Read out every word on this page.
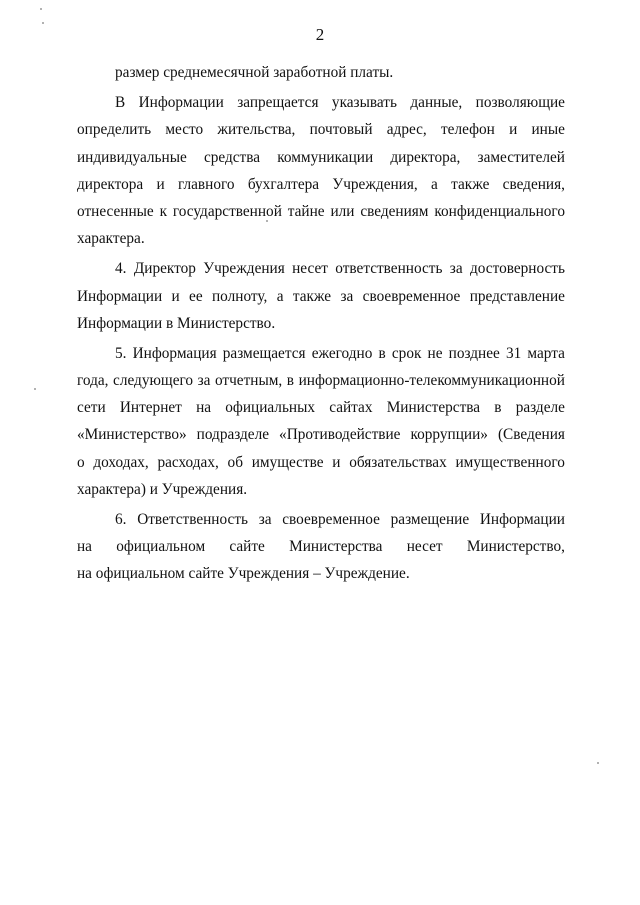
2
размер среднемесячной заработной платы.
В Информации запрещается указывать данные, позволяющие
определить место жительства, почтовый адрес, телефон и иные
индивидуальные средства коммуникации директора, заместителей
директора и главного бухгалтера Учреждения, а также сведения,
отнесенные к государственной тайне или сведениям конфиденциального
характера.
4. Директор Учреждения несет ответственность за достоверность
Информации и ее полноту, а также за своевременное представление
Информации в Министерство.
5. Информация размещается ежегодно в срок не позднее 31 марта
года, следующего за отчетным, в информационно-телекоммуникационной
сети Интернет на официальных сайтах Министерства в разделе
«Министерство» подразделе «Противодействие коррупции» (Сведения
о доходах, расходах, об имуществе и обязательствах имущественного
характера) и Учреждения.
6. Ответственность за своевременное размещение Информации
на официальном сайте Министерства несет Министерство,
на официальном сайте Учреждения – Учреждение.
